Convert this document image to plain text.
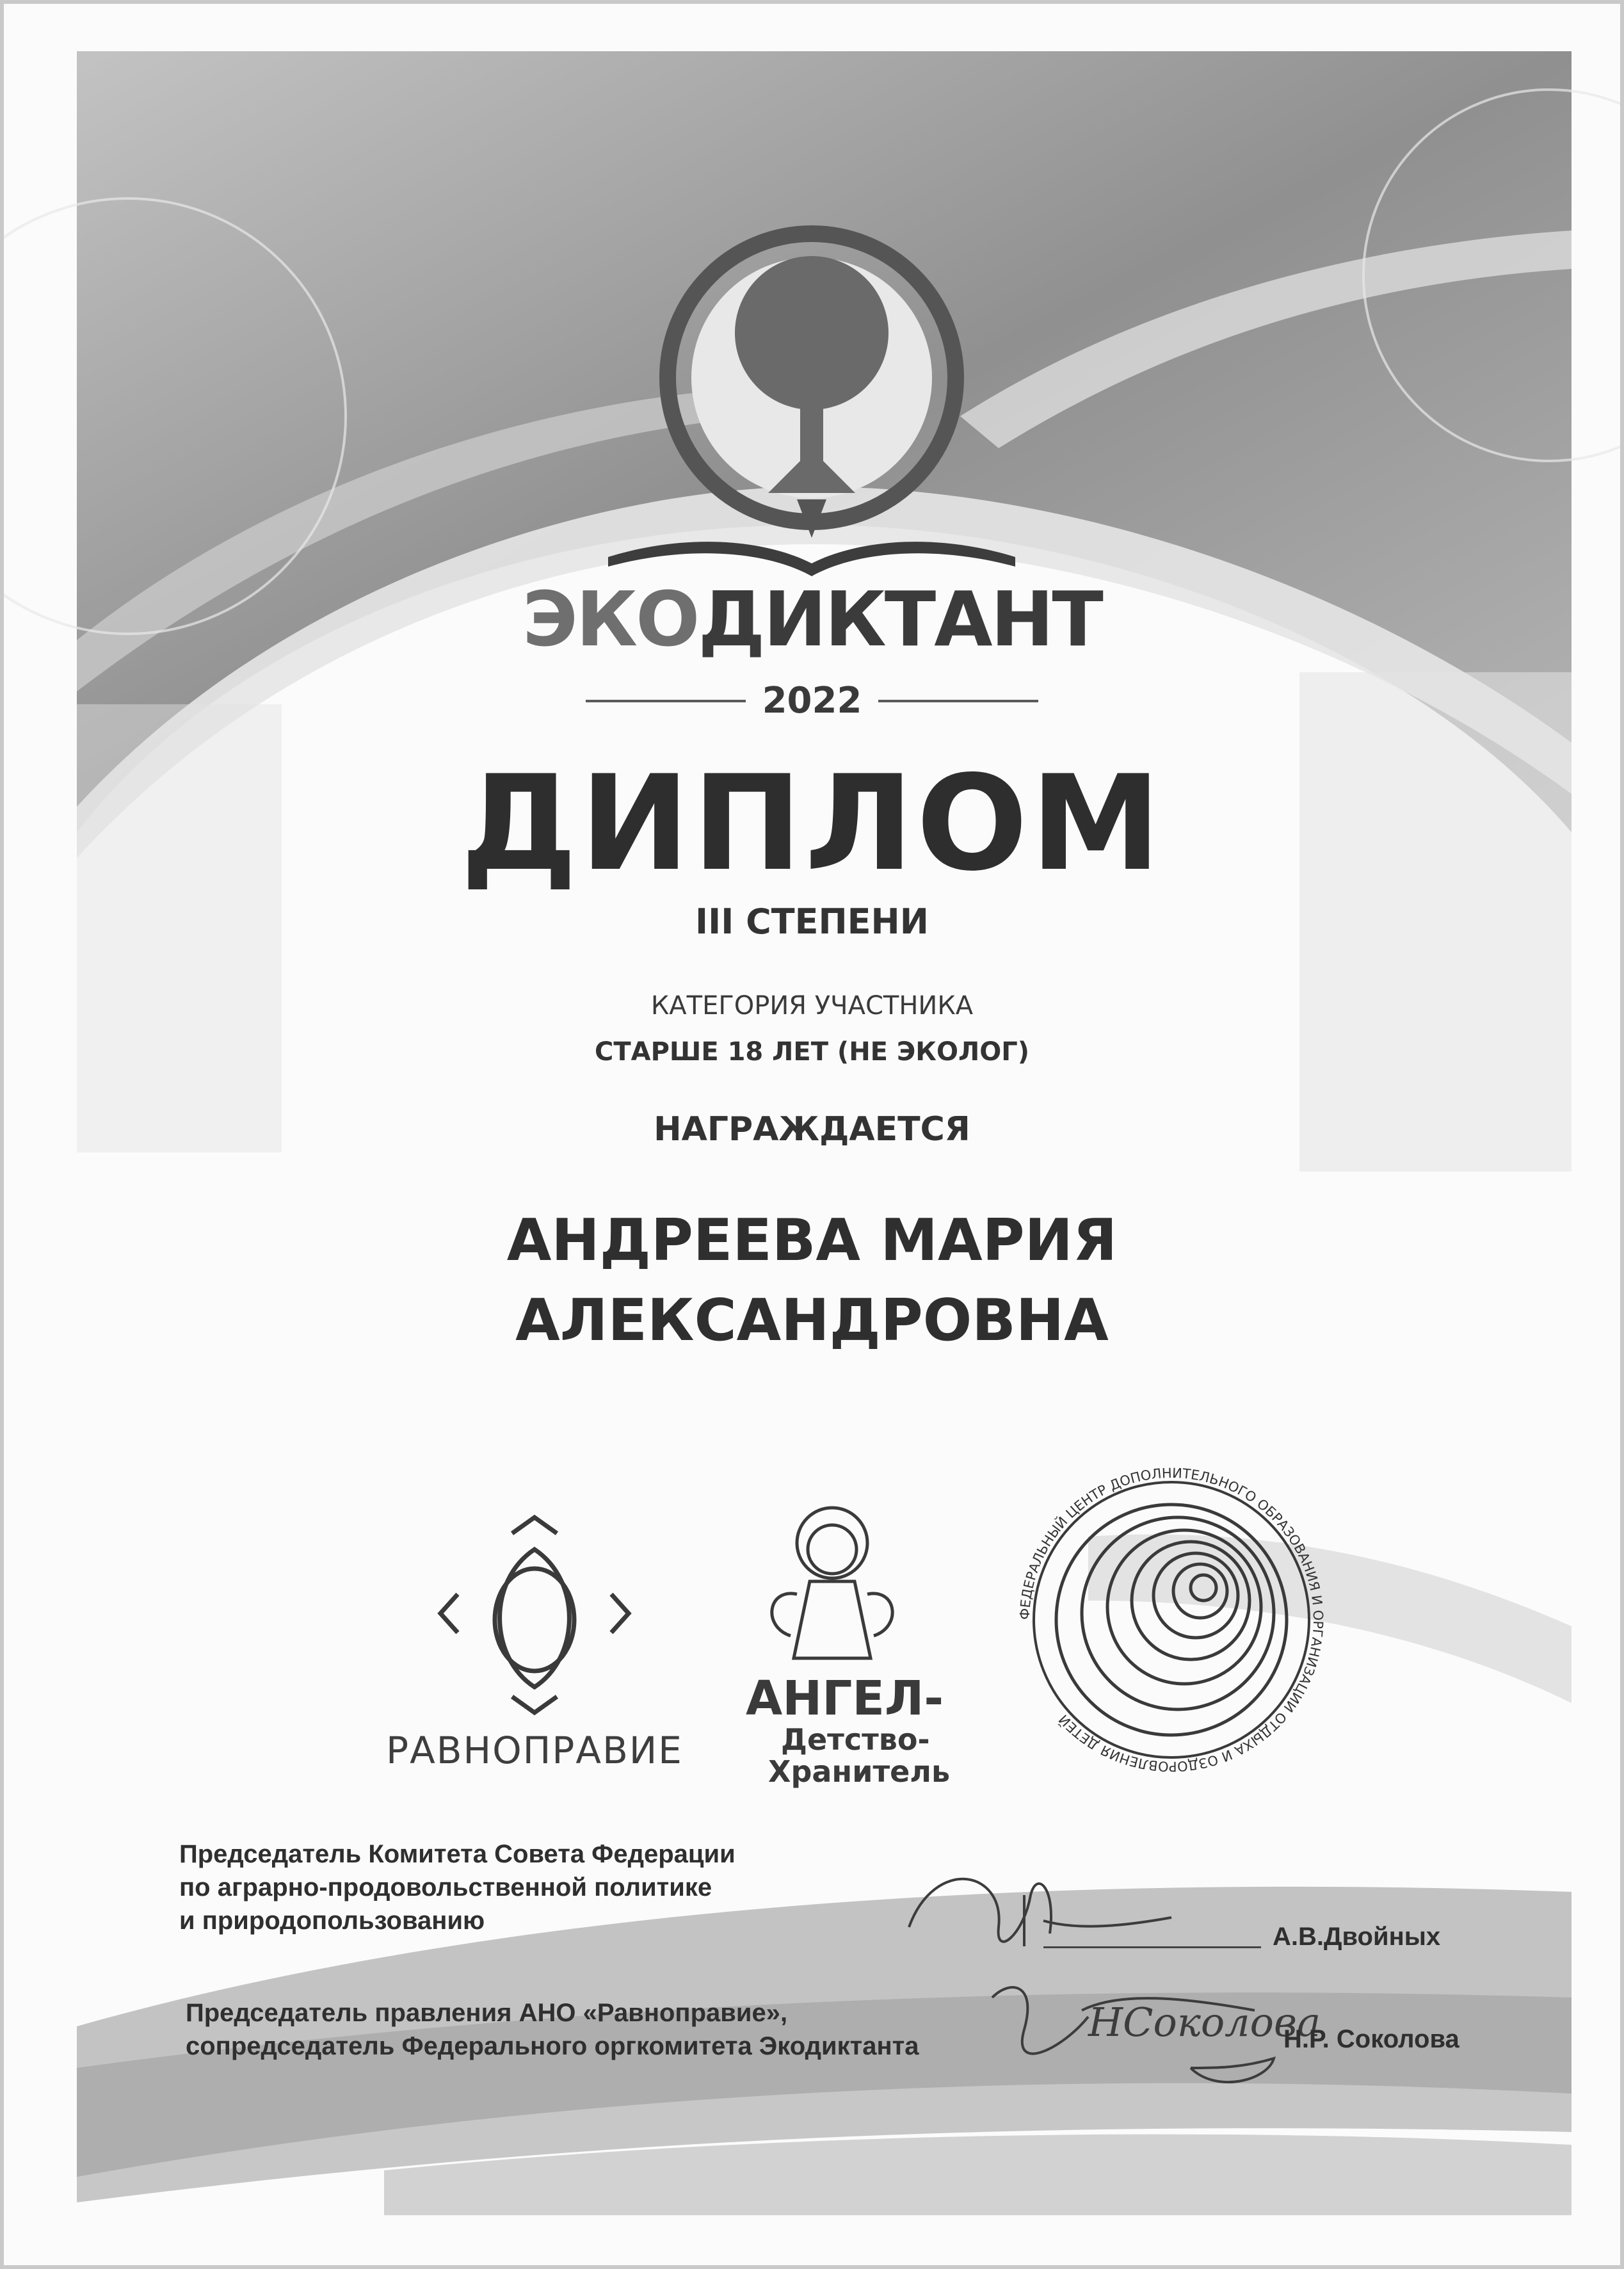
НСоколова
ЭКОДИКТАНТ
2022
ДИПЛОМ
III СТЕПЕНИ
КАТЕГОРИЯ УЧАСТНИКА
СТАРШЕ 18 ЛЕТ (НЕ ЭКОЛОГ)
НАГРАЖДАЕТСЯ
АНДРЕЕВА МАРИЯ
АЛЕКСАНДРОВНА
РАВНОПРАВИЕ
АНГЕЛ-
Детство-
Хранитель
ФЕДЕРАЛЬНЫЙ ЦЕНТР ДОПОЛНИТЕЛЬНОГО ОБРАЗОВАНИЯ И ОРГАНИЗАЦИИ ОТДЫХА И ОЗДОРОВЛЕНИЯ ДЕТЕЙ
Председатель Комитета Совета Федерации
по аграрно-продовольственной политике
и природопользованию
А.В.Двойных
Председатель правления АНО «Равноправие»,
сопредседатель Федерального оргкомитета Экодиктанта	Н.Р. Соколова
